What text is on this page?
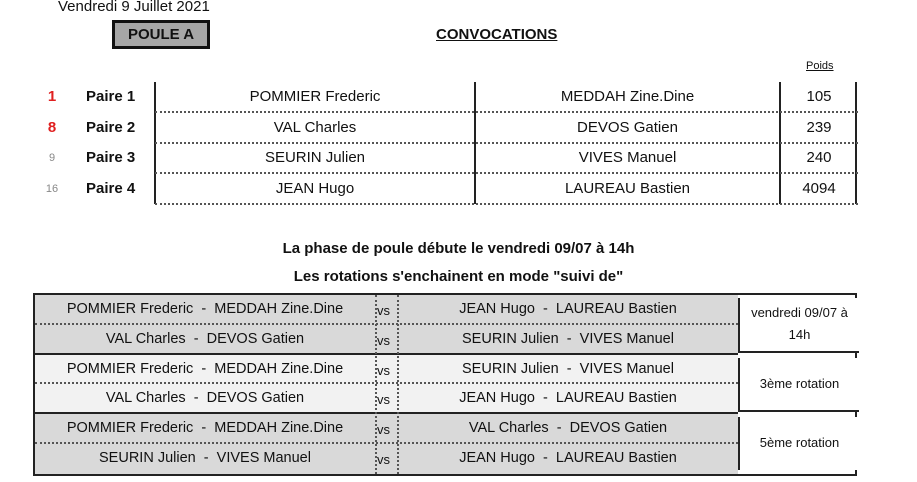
Vendredi 9 Juillet 2021
POULE A	CONVOCATIONS
Poids
1	Paire 1	POMMIER Frederic	MEDDAH Zine.Dine	105
8	Paire 2	VAL Charles	DEVOS Gatien	239
9	Paire 3	SEURIN Julien	VIVES Manuel	240
16	Paire 4	JEAN Hugo	LAUREAU Bastien	4094
La phase de poule débute le vendredi 09/07 à 14h
Les rotations s'enchainent en mode "suivi de"
POMMIER Frederic  -  MEDDAH Zine.Dine	vs	JEAN Hugo  -  LAUREAU Bastien
VAL Charles  -  DEVOS Gatien	vs	SEURIN Julien  -  VIVES Manuel
vendredi 09/07 à 14h
POMMIER Frederic  -  MEDDAH Zine.Dine	vs	SEURIN Julien  -  VIVES Manuel
VAL Charles  -  DEVOS Gatien	vs	JEAN Hugo  -  LAUREAU Bastien
3ème rotation
POMMIER Frederic  -  MEDDAH Zine.Dine	vs	VAL Charles  -  DEVOS Gatien
SEURIN Julien  -  VIVES Manuel	vs	JEAN Hugo  -  LAUREAU Bastien
5ème rotation
